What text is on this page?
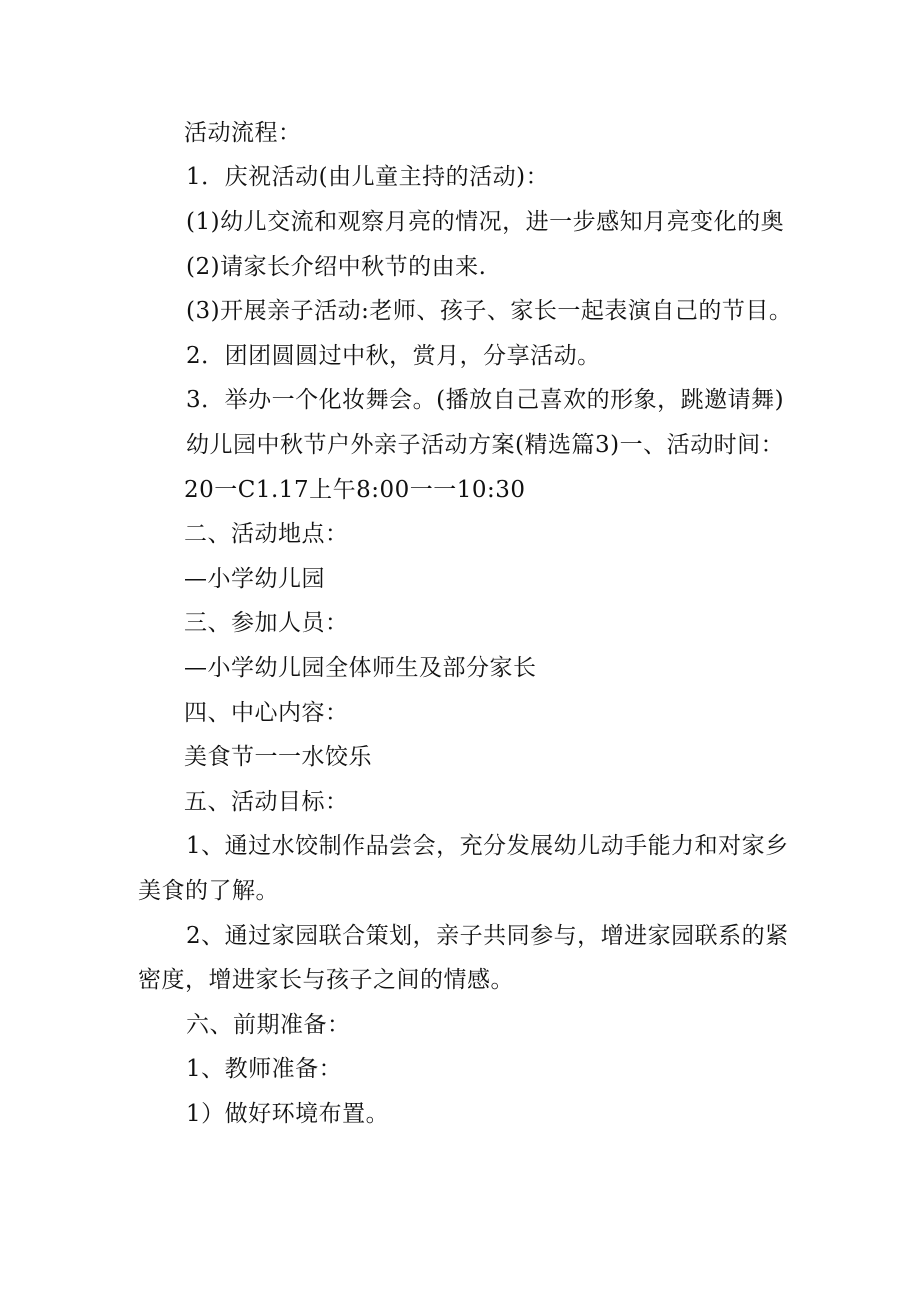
活动流程：
1．庆祝活动(由儿童主持的活动)：
(1)幼儿交流和观察月亮的情况，进一步感知月亮变化的奥
(2)请家长介绍中秋节的由来.
(3)开展亲子活动:老师、孩子、家长一起表演自己的节目。
2．团团圆圆过中秋，赏月，分享活动。
3．举办一个化妆舞会。(播放自己喜欢的形象，跳邀请舞)
幼儿园中秋节户外亲子活动方案(精选篇3)一、活动时间：
20一C1.17上午8:00一一10:30
二、活动地点：
—小学幼儿园
三、参加人员：
—小学幼儿园全体师生及部分家长
四、中心内容：
美食节一一水饺乐
五、活动目标：
1、通过水饺制作品尝会，充分发展幼儿动手能力和对家乡
美食的了解。
2、通过家园联合策划，亲子共同参与，增进家园联系的紧
密度，增进家长与孩子之间的情感。
六、前期准备：
1、教师准备：
1）做好环境布置。
